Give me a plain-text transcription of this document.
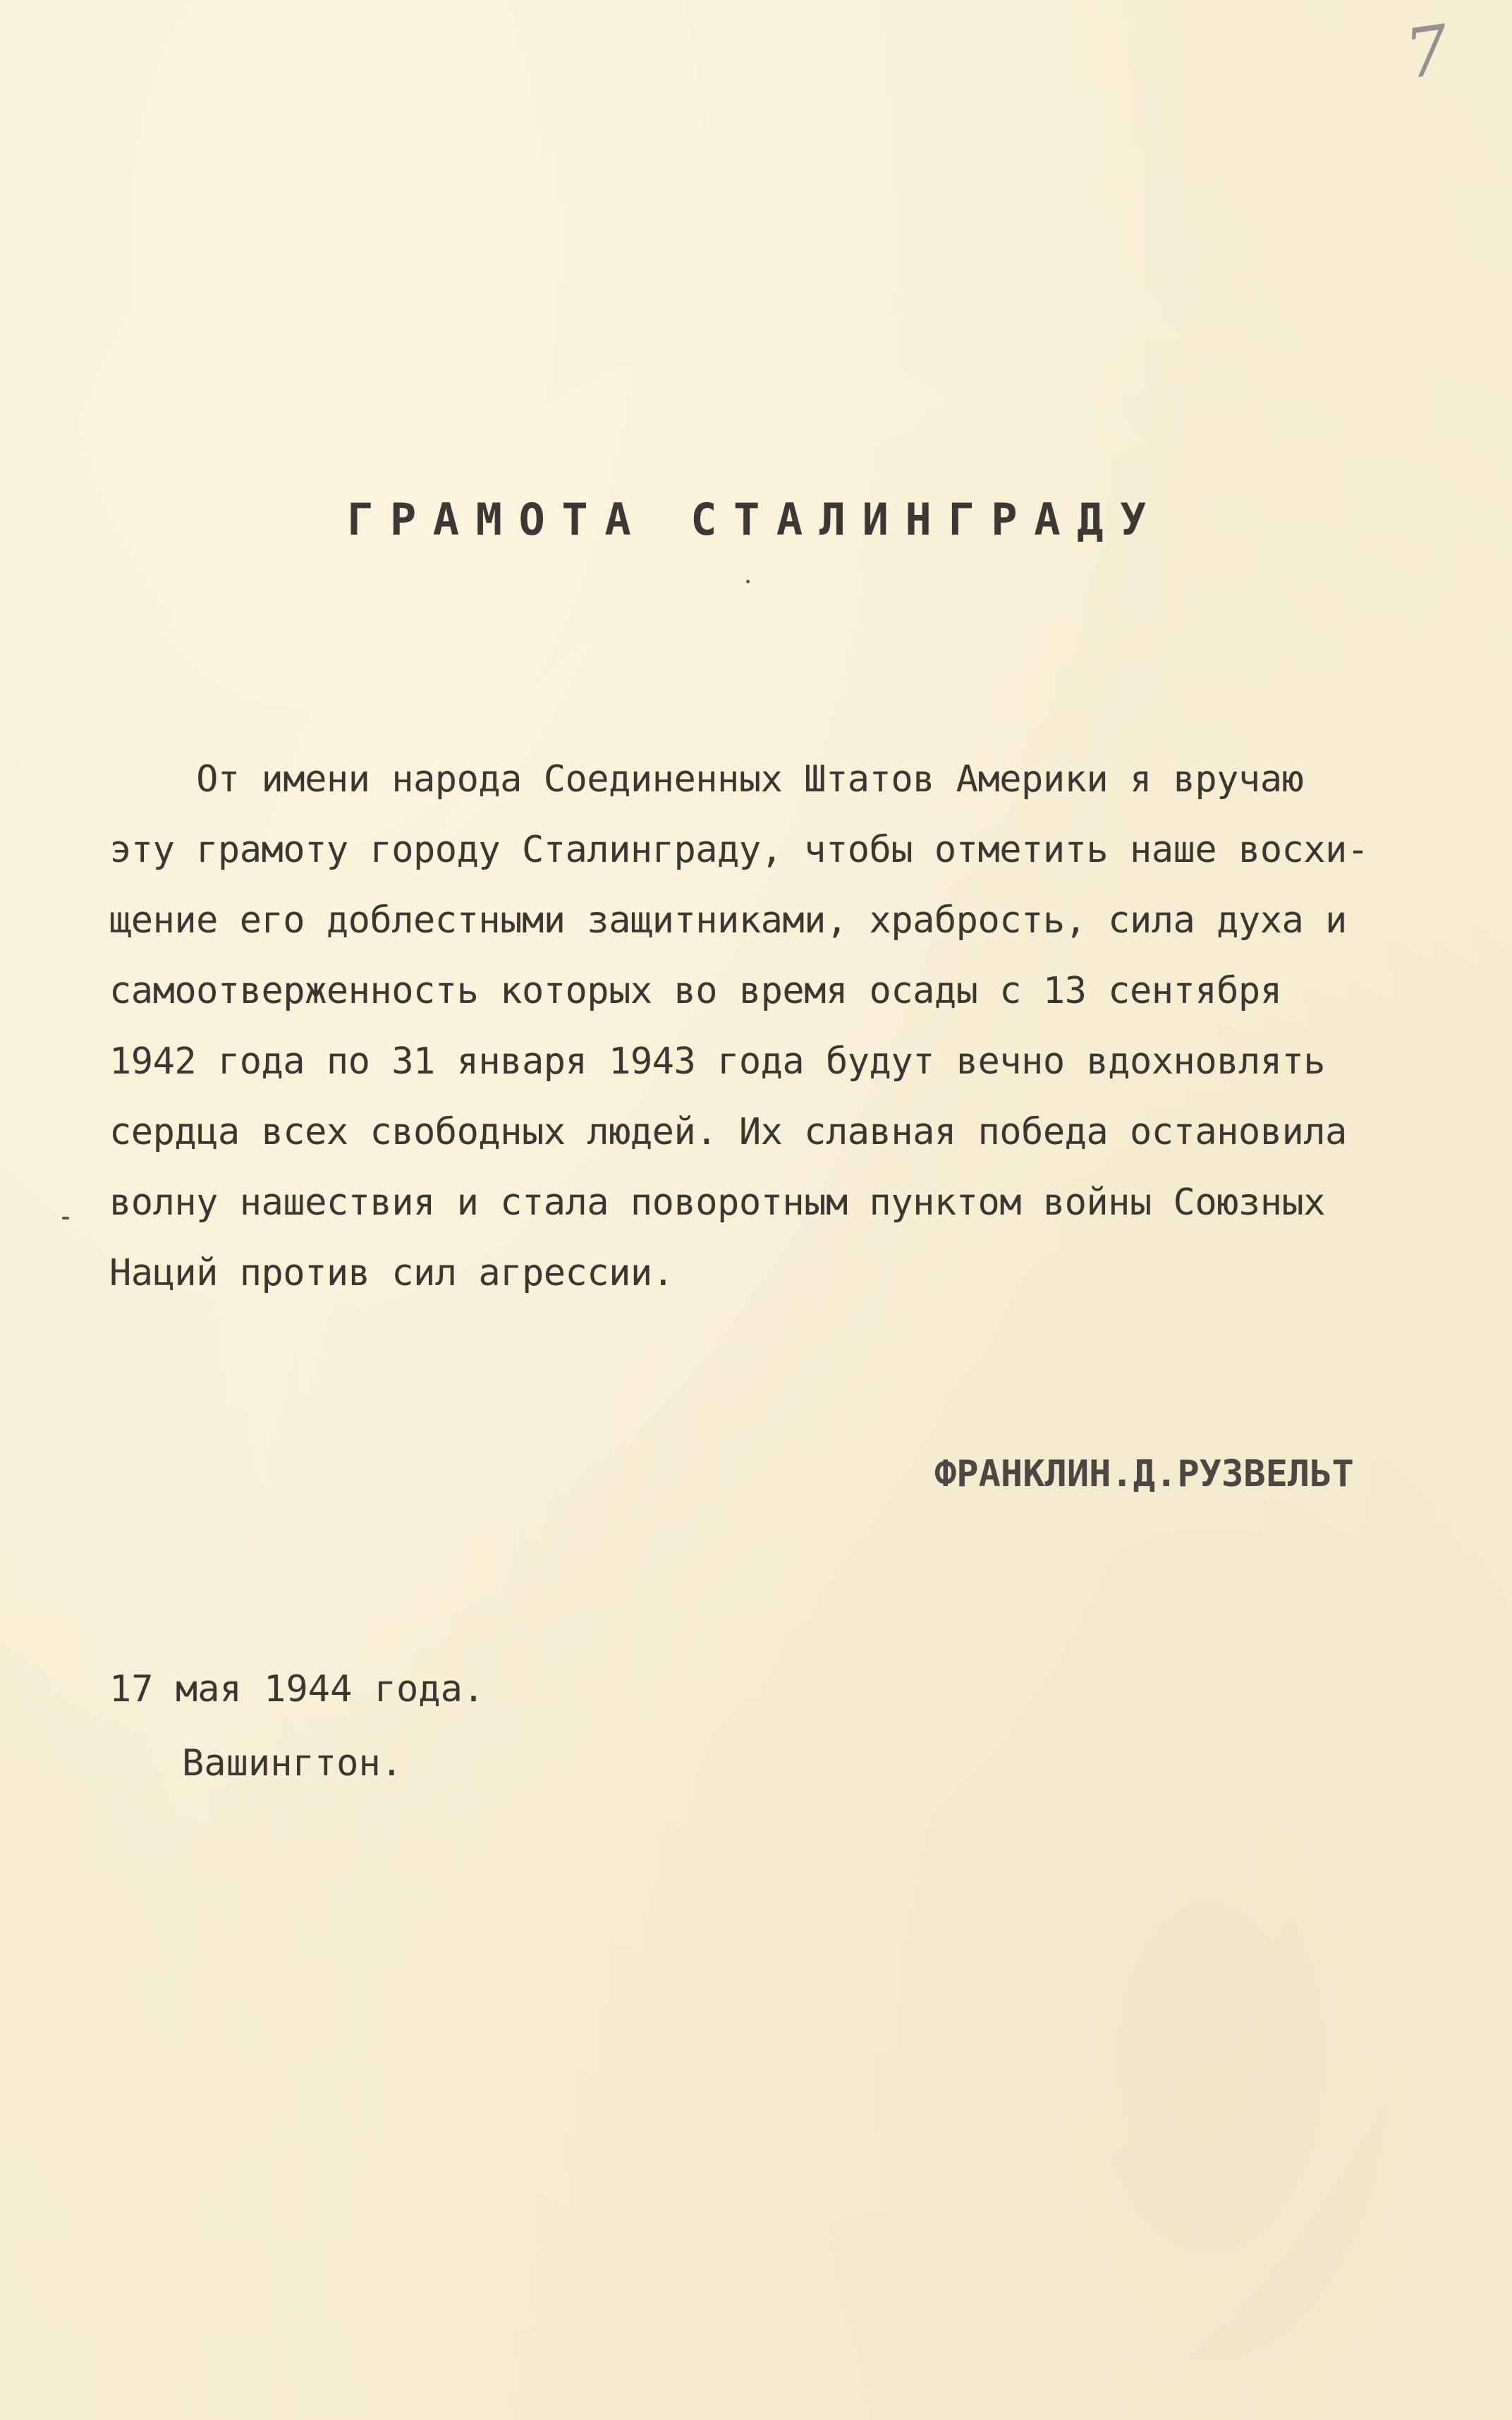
7
ГРАМОТА СТАЛИНГРАДУ
От имени народа Соединенных Штатов Америки я вручаю
эту грамоту городу Сталинграду, чтобы отметить наше восхи-
щение его доблестными защитниками, храбрость, сила духа и
самоотверженность которых во время осады с 13 сентября
1942 года по 31 января 1943 года будут вечно вдохновлять
сердца всех свободных людей. Их славная победа остановила
волну нашествия и стала поворотным пунктом войны Союзных
Наций против сил агрессии.
ФРАНКЛИН.Д.РУЗВЕЛЬТ
17 мая 1944 года.
Вашингтон.
